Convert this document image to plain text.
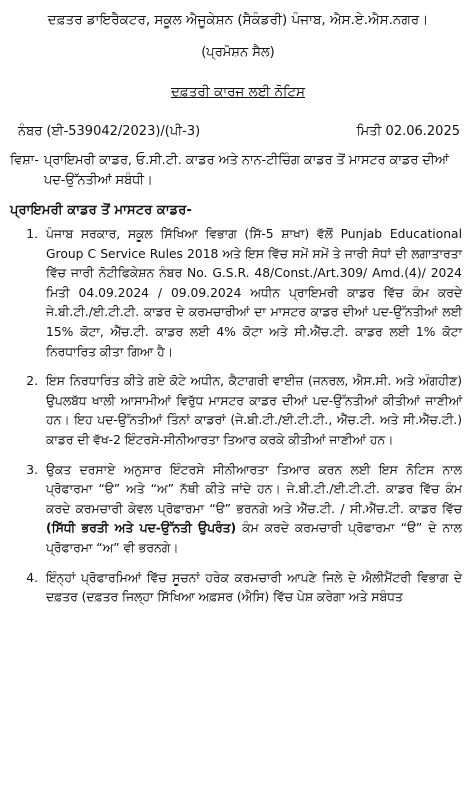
ਦਫ਼ਤਰ ਡਾਇਰੈਕਟਰ, ਸਕੂਲ ਐਜੂਕੇਸ਼ਨ (ਸੈਕੰਡਰੀ) ਪੰਜਾਬ, ਐਸ.ਏ.ਐਸ.ਨਗਰ।
(ਪ੍ਰਮੋਸ਼ਨ ਸੈਲ)
ਦਫ਼ਤਰੀ ਕਾਰਜ ਲਈ ਨੋਟਿਸ
ਨੰਬਰ (ਈ-539042/2023)/(ਪੀ-3)	ਮਿਤੀ 02.06.2025
ਵਿਸ਼ਾ- ਪ੍ਰਾਇਮਰੀ ਕਾਡਰ, ਓ.ਸੀ.ਟੀ. ਕਾਡਰ ਅਤੇ ਨਾਨ-ਟੀਚਿੰਗ ਕਾਡਰ ਤੋਂ ਮਾਸਟਰ ਕਾਡਰ ਦੀਆਂ ਪਦ-ਉੱਨਤੀਆਂ ਸਬੰਧੀ।
ਪ੍ਰਾਇਮਰੀ ਕਾਡਰ ਤੋਂ ਮਾਸਟਰ ਕਾਡਰ-
1. ਪੰਜਾਬ ਸਰਕਾਰ, ਸਕੂਲ ਸਿੱਖਿਆ ਵਿਭਾਗ (ਸਿੱ-5 ਸ਼ਾਖਾ) ਵੱਲੋਂ Punjab Educational Group C Service Rules 2018 ਅਤੇ ਇਸ ਵਿੱਚ ਸਮੇਂ ਸਮੇਂ ਤੇ ਜਾਰੀ ਸੋਧਾਂ ਦੀ ਲਗਾਤਾਰਤਾ ਵਿੱਚ ਜਾਰੀ ਨੋਟੀਫਿਕੇਸ਼ਨ ਨੰਬਰ No. G.S.R. 48/Const./Art.309/ Amd.(4)/ 2024 ਮਿਤੀ 04.09.2024 / 09.09.2024 ਅਧੀਨ ਪ੍ਰਾਇਮਰੀ ਕਾਡਰ ਵਿੱਚ ਕੰਮ ਕਰਦੇ ਜੇ.ਬੀ.ਟੀ./ਈ.ਟੀ.ਟੀ. ਕਾਡਰ ਦੇ ਕਰਮਚਾਰੀਆਂ ਦਾ ਮਾਸਟਰ ਕਾਡਰ ਦੀਆਂ ਪਦ-ਉੱਨਤੀਆਂ ਲਈ 15% ਕੋਟਾ, ਐੱਚ.ਟੀ. ਕਾਡਰ ਲਈ 4% ਕੋਟਾ ਅਤੇ ਸੀ.ਐੱਚ.ਟੀ. ਕਾਡਰ ਲਈ 1% ਕੋਟਾ ਨਿਰਧਾਰਿਤ ਕੀਤਾ ਗਿਆ ਹੈ।
2. ਇਸ ਨਿਰਧਾਰਿਤ ਕੀਤੇ ਗਏ ਕੋਟੇ ਅਧੀਨ, ਕੈਟਾਗਰੀ ਵਾਈਜ਼ (ਜਨਰਲ, ਐਸ.ਸੀ. ਅਤੇ ਅੰਗਹੀਣ) ਉਪਲਬੱਧ ਖਾਲੀ ਆਸਾਮੀਆਂ ਵਿਰੁੱਧ ਮਾਸਟਰ ਕਾਡਰ ਦੀਆਂ ਪਦ-ਉੱਨਤੀਆਂ ਕੀਤੀਆਂ ਜਾਣੀਆਂ ਹਨ। ਇਹ ਪਦ-ਉੱਨਤੀਆਂ ਤਿੰਨਾਂ ਕਾਡਰਾਂ (ਜੇ.ਬੀ.ਟੀ./ਈ.ਟੀ.ਟੀ., ਐੱਚ.ਟੀ. ਅਤੇ ਸੀ.ਐੱਚ.ਟੀ.) ਕਾਡਰ ਦੀ ਵੱਖ-2 ਇੰਟਰਸੇ-ਸੀਨੀਆਰਤਾ ਤਿਆਰ ਕਰਕੇ ਕੀਤੀਆਂ ਜਾਣੀਆਂ ਹਨ।
3. ਉਕਤ ਦਰਸਾਏ ਅਨੁਸਾਰ ਇੰਟਰਸੇ ਸੀਨੀਆਰਤਾ ਤਿਆਰ ਕਰਨ ਲਈ ਇਸ ਨੋਟਿਸ ਨਾਲ ਪ੍ਰੋਫਾਰਮਾ “ੳ” ਅਤੇ “ਅ” ਨੱਥੀ ਕੀਤੇ ਜਾਂਦੇ ਹਨ। ਜੇ.ਬੀ.ਟੀ./ਈ.ਟੀ.ਟੀ. ਕਾਡਰ ਵਿੱਚ ਕੰਮ ਕਰਦੇ ਕਰਮਚਾਰੀ ਕੇਵਲ ਪ੍ਰੋਫਾਰਮਾ “ੳ” ਭਰਨਗੇ ਅਤੇ ਐੱਚ.ਟੀ. / ਸੀ.ਐੱਚ.ਟੀ. ਕਾਡਰ ਵਿੱਚ (ਸਿੱਧੀ ਭਰਤੀ ਅਤੇ ਪਦ-ਉੱਨਤੀ ਉਪਰੰਤ) ਕੰਮ ਕਰਦੇ ਕਰਮਚਾਰੀ ਪ੍ਰੋਫਾਰਮਾ “ੳ” ਦੇ ਨਾਲ ਪ੍ਰੋਫਾਰਮਾ “ਅ” ਵੀ ਭਰਨਗੇ।
4. ਇੰਨ੍ਹਾਂ ਪ੍ਰੋਫਾਰਮਿਆਂ ਵਿੱਚ ਸੂਚਨਾਂ ਹਰੇਕ ਕਰਮਚਾਰੀ ਆਪਣੇ ਜਿਲੇ ਦੇ ਐਲੀਮੈਂਟਰੀ ਵਿਭਾਗ ਦੇ ਦਫ਼ਤਰ (ਦਫ਼ਤਰ ਜਿਲ੍ਹਾ ਸਿੱਖਿਆ ਅਫ਼ਸਰ (ਐਸਿ) ਵਿੱਚ ਪੇਸ਼ ਕਰੇਗਾ ਅਤੇ ਸਬੰਧਤ
